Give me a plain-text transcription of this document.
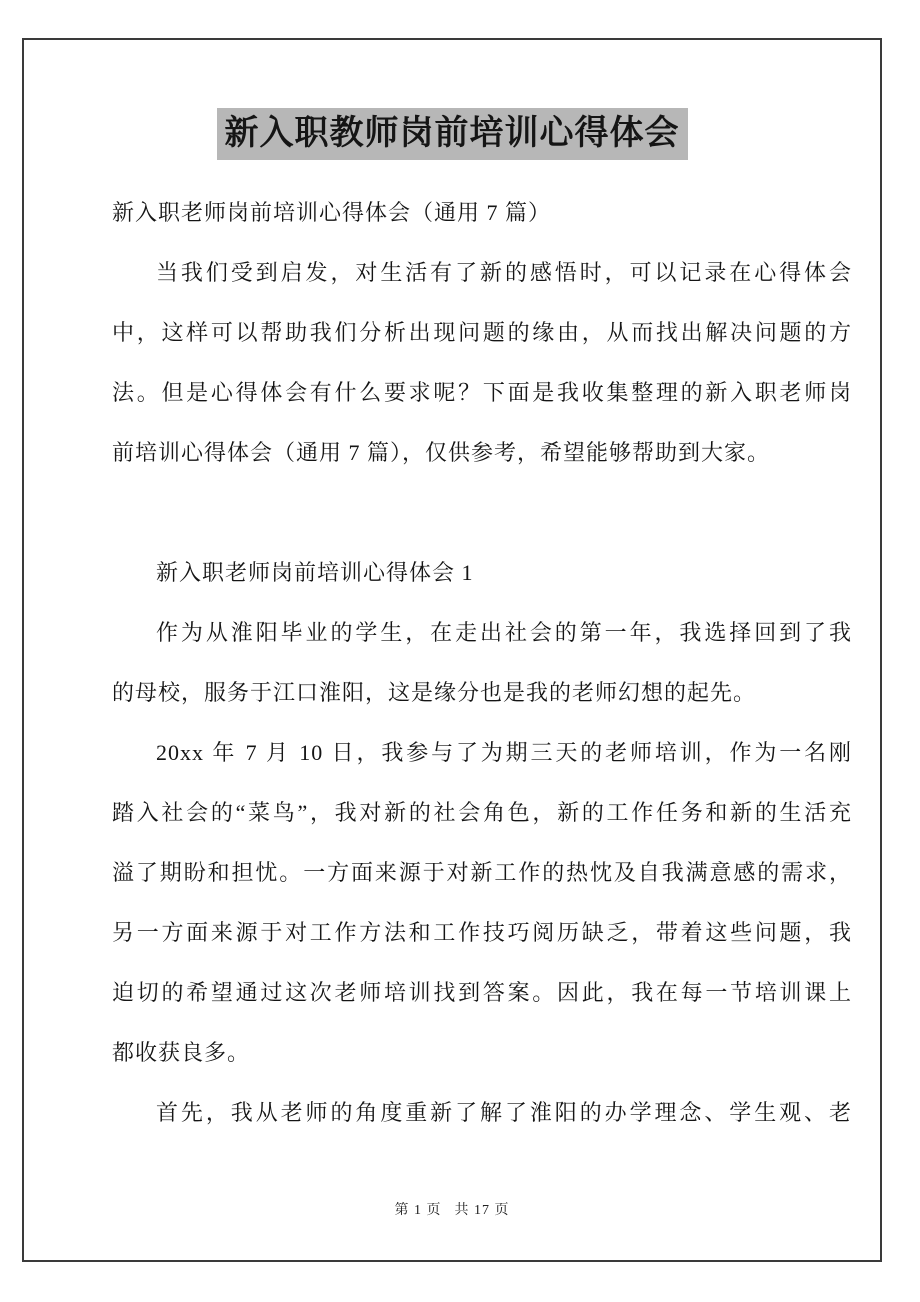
新入职教师岗前培训心得体会
新入职老师岗前培训心得体会（通用 7 篇）
当我们受到启发，对生活有了新的感悟时，可以记录在心得体会
中，这样可以帮助我们分析出现问题的缘由，从而找出解决问题的方
法。但是心得体会有什么要求呢？下面是我收集整理的新入职老师岗
前培训心得体会（通用 7 篇），仅供参考，希望能够帮助到大家。
新入职老师岗前培训心得体会 1
作为从淮阳毕业的学生，在走出社会的第一年，我选择回到了我
的母校，服务于江口淮阳，这是缘分也是我的老师幻想的起先。
20xx 年 7 月 10 日，我参与了为期三天的老师培训，作为一名刚
踏入社会的“菜鸟”，我对新的社会角色，新的工作任务和新的生活充
溢了期盼和担忧。一方面来源于对新工作的热忱及自我满意感的需求，
另一方面来源于对工作方法和工作技巧阅历缺乏，带着这些问题，我
迫切的希望通过这次老师培训找到答案。因此，我在每一节培训课上
都收获良多。
首先，我从老师的角度重新了解了淮阳的办学理念、学生观、老
第 1 页 共 17 页
